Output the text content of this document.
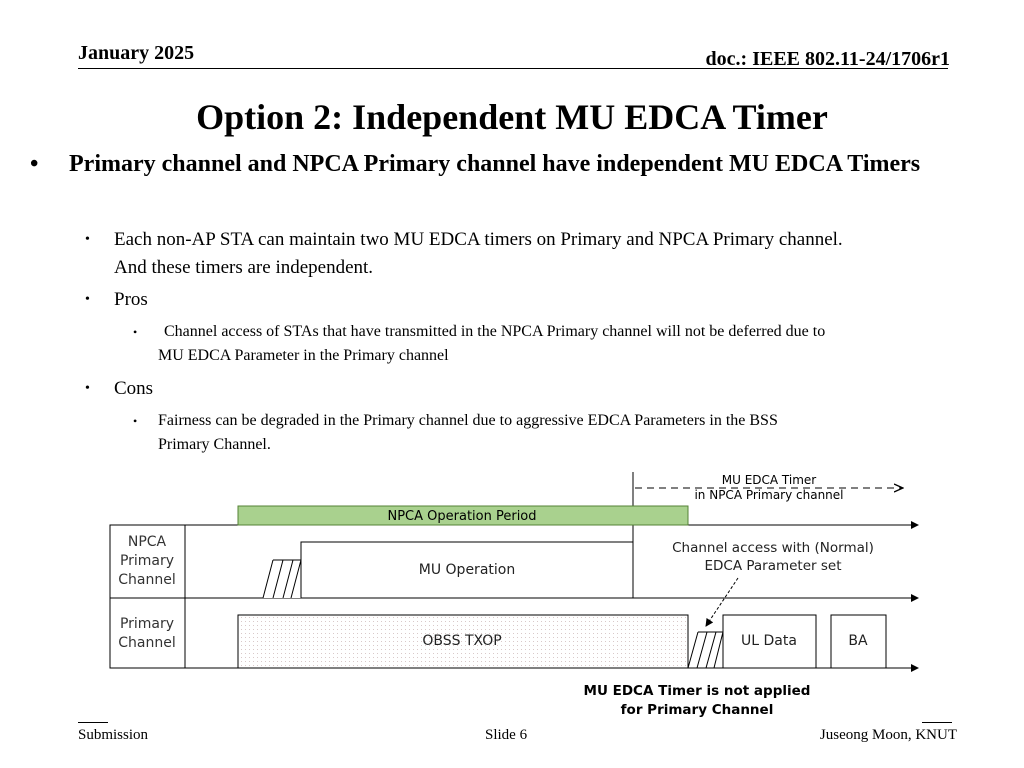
January 2025	doc.: IEEE 802.11-24/1706r1
Option 2: Independent MU EDCA Timer
• Primary channel and NPCA Primary channel have independent MU EDCA Timers
• Each non-AP STA can maintain two MU EDCA timers on Primary and NPCA Primary channel.
And these timers are independent.
• Pros
• Channel access of STAs that have transmitted in the NPCA Primary channel will not be deferred due to
MU EDCA Parameter in the Primary channel
• Cons
• Fairness can be degraded in the Primary channel due to aggressive EDCA Parameters in the BSS
Primary Channel.
MU EDCA Timer
in NPCA Primary channel
NPCA Operation Period
NPCA
Primary
Channel
Primary
Channel
MU Operation
Channel access with (Normal)
EDCA Parameter set
OBSS TXOP	UL Data	BA
MU EDCA Timer is not applied
for Primary Channel
Submission	Slide 6	Juseong Moon, KNUT
